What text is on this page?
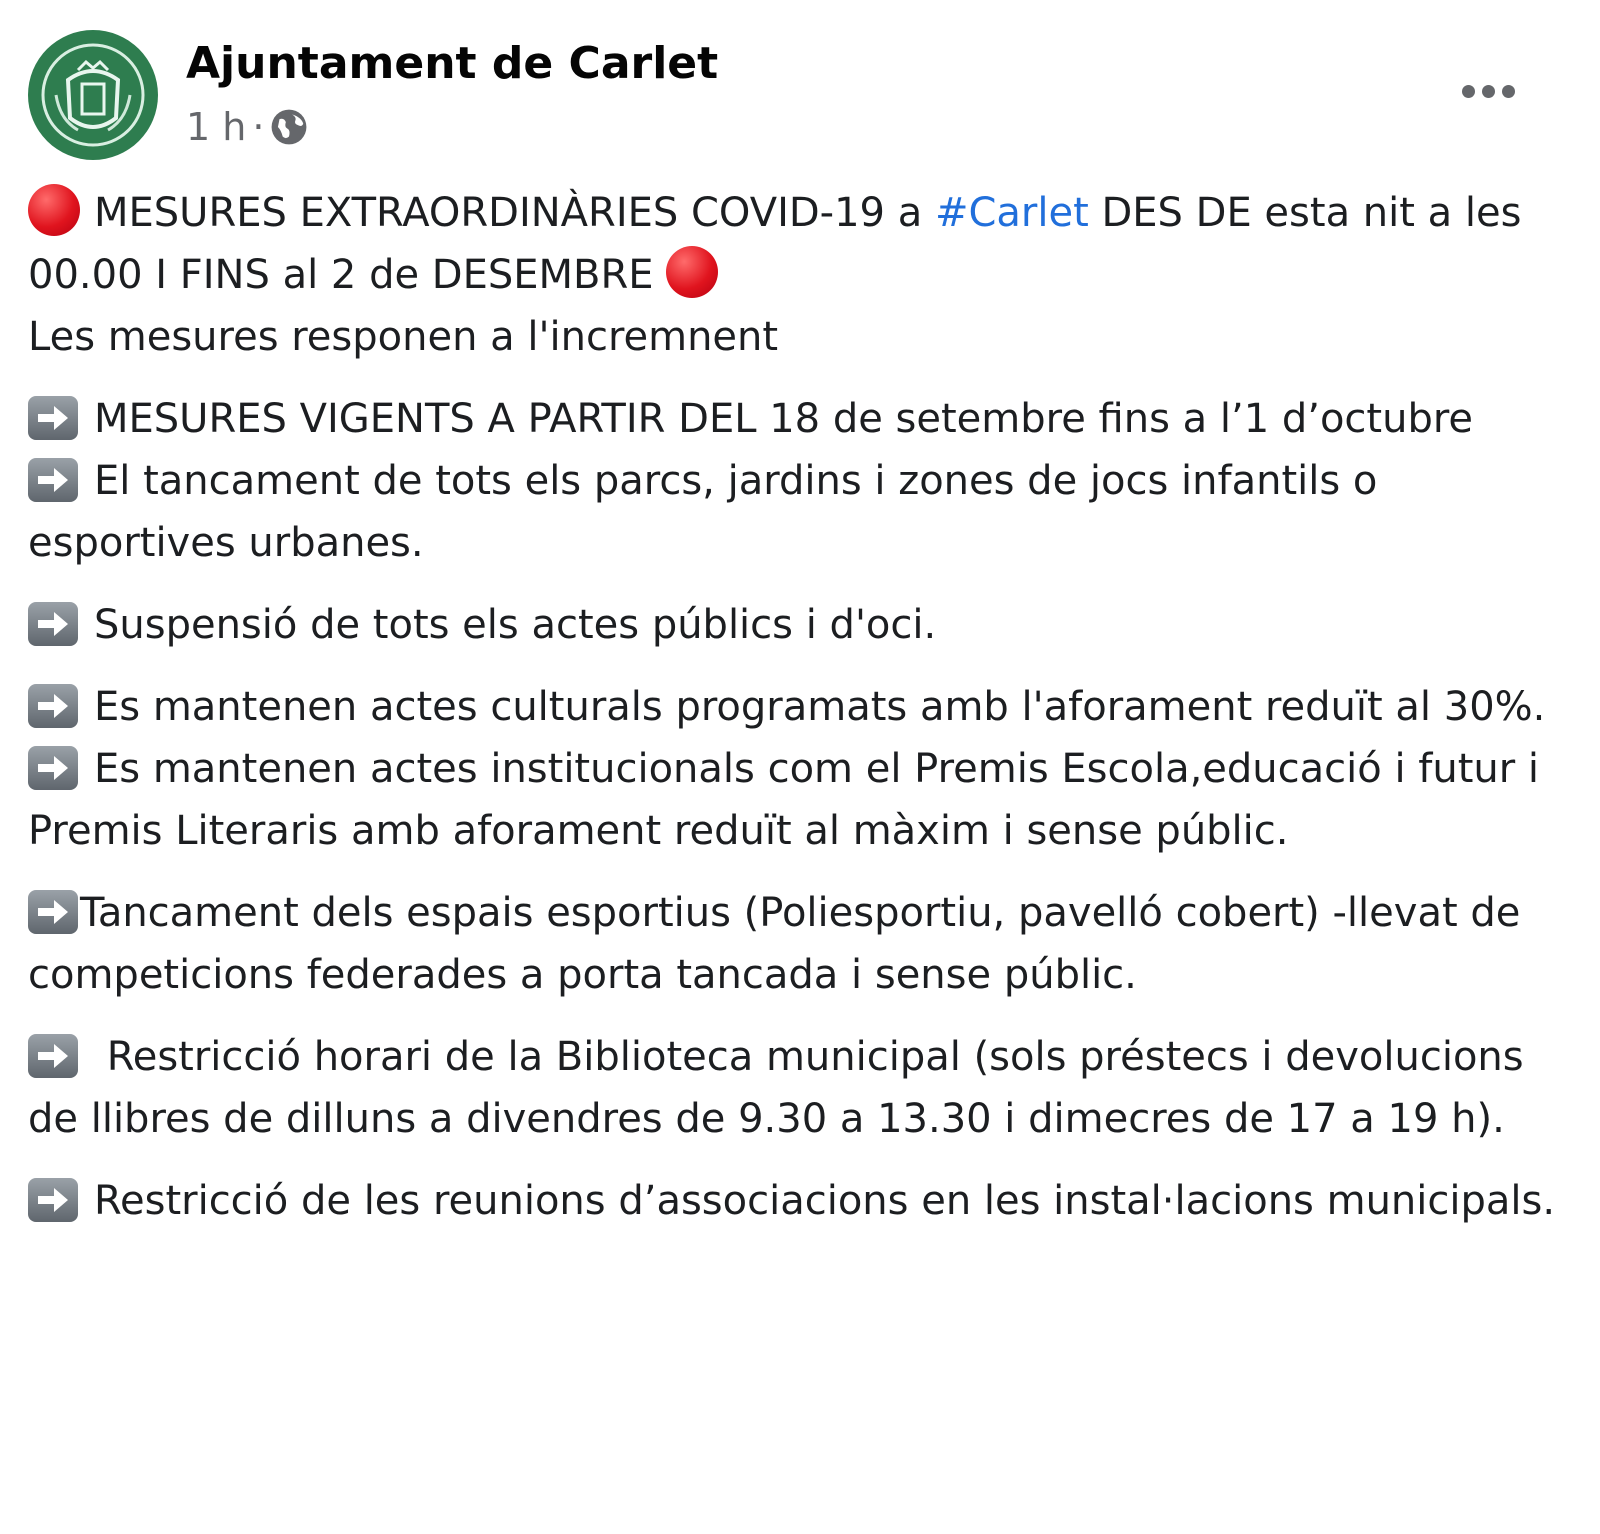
Ajuntament de Carlet
1 h ·
MESURES EXTRAORDINÀRIES COVID-19 a #Carlet DES DE esta nit a les 00.00 I FINS al 2 de DESEMBRE
Les mesures responen a l'incremnent
MESURES VIGENTS A PARTIR DEL 18 de setembre fins a l’1 d’octubre
El tancament de tots els parcs, jardins i zones de jocs infantils o esportives urbanes.
Suspensió de tots els actes públics i d'oci.
Es mantenen actes culturals programats amb l'aforament reduït al 30%.
Es mantenen actes institucionals com el Premis Escola,educació i futur i Premis Literaris amb aforament reduït al màxim i sense públic.
Tancament dels espais esportius (Poliesportiu, pavelló cobert) -llevat de competicions federades a porta tancada i sense públic.
Restricció horari de la Biblioteca municipal (sols préstecs i devolucions de llibres de dilluns a divendres de 9.30 a 13.30 i dimecres de 17 a 19 h).
Restricció de les reunions d’associacions en les instal·lacions municipals.
